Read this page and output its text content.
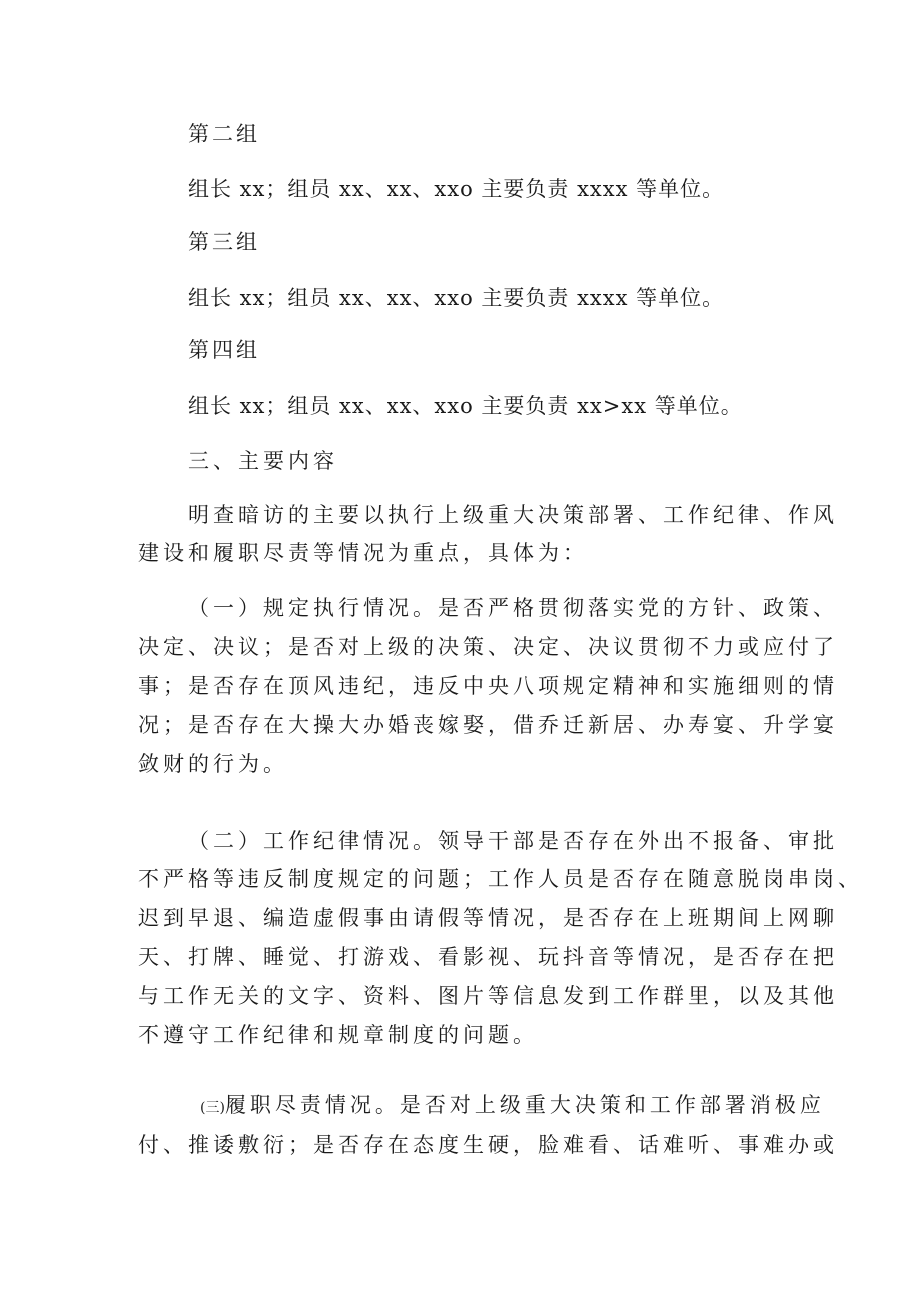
第二组
组长 xx；组员 xx、xx、xxo 主要负责 xxxx 等单位。
第三组
组长 xx；组员 xx、xx、xxo 主要负责 xxxx 等单位。
第四组
组长 xx；组员 xx、xx、xxo 主要负责 xx>xx 等单位。
三、主要内容
明查暗访的主要以执行上级重大决策部署、工作纪律、作风
建设和履职尽责等情况为重点，具体为：
（一）规定执行情况。是否严格贯彻落实党的方针、政策、
决定、决议；是否对上级的决策、决定、决议贯彻不力或应付了
事；是否存在顶风违纪，违反中央八项规定精神和实施细则的情
况；是否存在大操大办婚丧嫁娶，借乔迁新居、办寿宴、升学宴
敛财的行为。
（二）工作纪律情况。领导干部是否存在外出不报备、审批
不严格等违反制度规定的问题；工作人员是否存在随意脱岗串岗、
迟到早退、编造虚假事由请假等情况，是否存在上班期间上网聊
天、打牌、睡觉、打游戏、看影视、玩抖音等情况，是否存在把
与工作无关的文字、资料、图片等信息发到工作群里，以及其他
不遵守工作纪律和规章制度的问题。
(三)履职尽责情况。是否对上级重大决策和工作部署消极应
付、推诿敷衍；是否存在态度生硬，脸难看、话难听、事难办或
